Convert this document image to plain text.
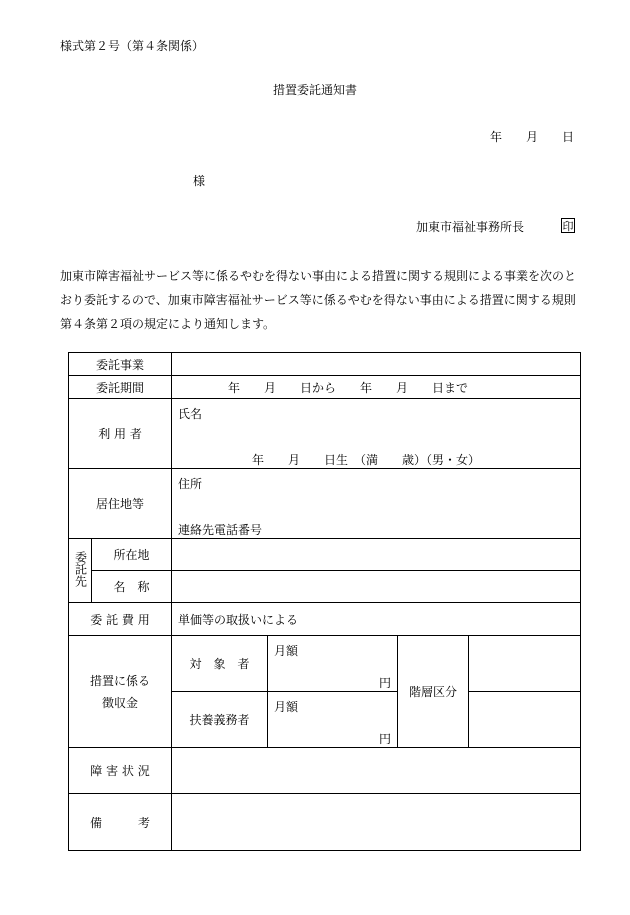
様式第２号（第４条関係）
措置委託通知書
年　　月　　日
様
加東市福祉事務所長	印
加東市障害福祉サービス等に係るやむを得ない事由による措置に関する規則による事業を次のとおり委託するので、加東市障害福祉サービス等に係るやむを得ない事由による措置に関する規則第４条第２項の規定により通知します。
委託事業					
委託期間		年　　月　　日から　　年　　月　　日まで			
利 用 者		氏名
年　　月　　日生　（満　　歳）（男・女）			

居住地等		住所
連絡先電話番号			

委託先	所在地				
	名　称				
委 託 費 用		単価等の取扱いによる			
措置に係る徴収金		対　象　者	月額
円	階層区分	
		扶養義務者	月額
円		

障 害 状 況					
備　　　考					
